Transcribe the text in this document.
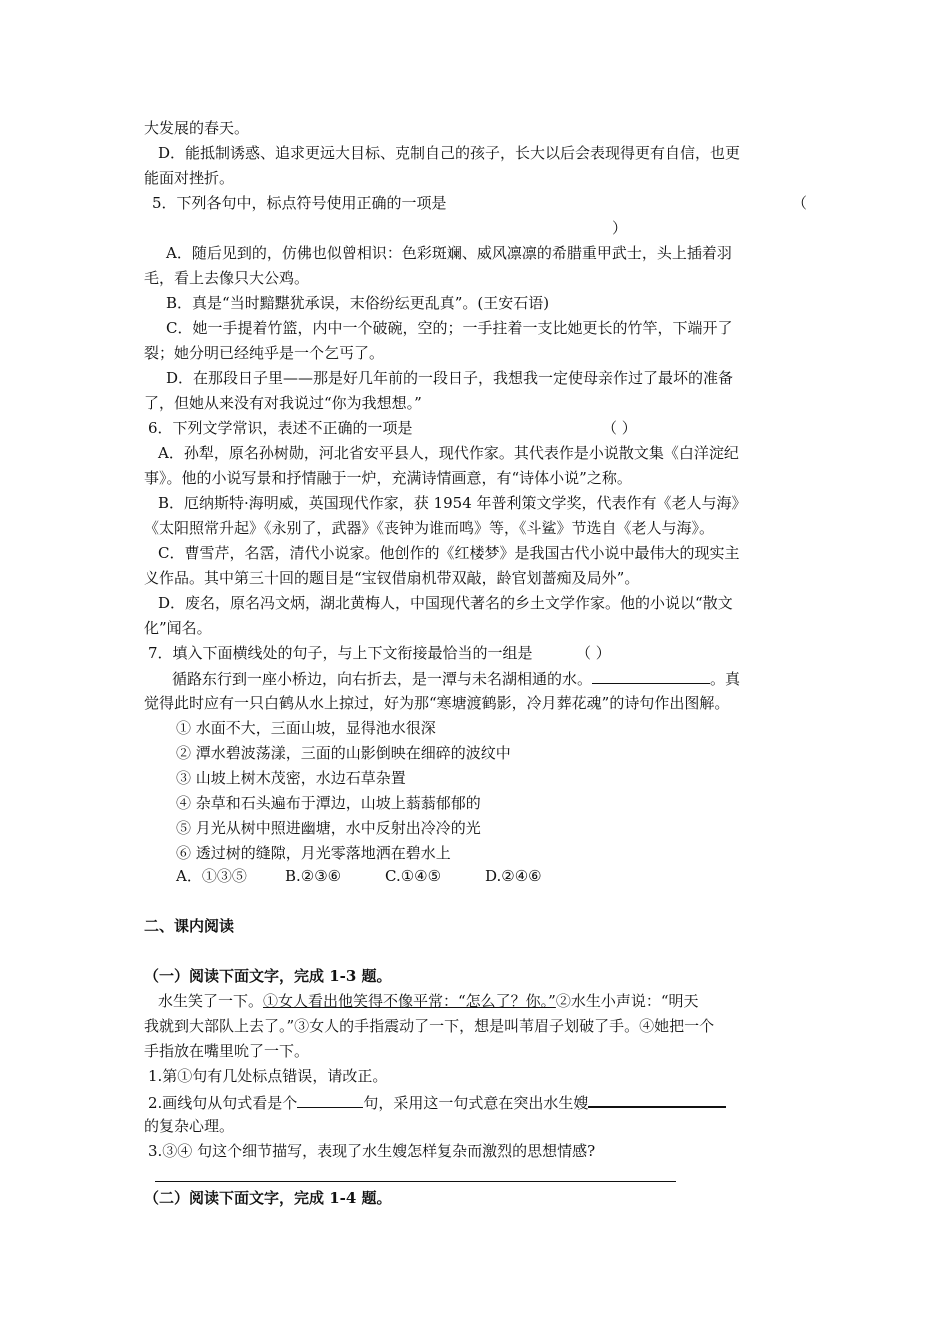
大发展的春天。
D．能抵制诱惑、追求更远大目标、克制自己的孩子，长大以后会表现得更有自信，也更
能面对挫折。
5．下列各句中，标点符号使用正确的一项是	（
）
A．随后见到的，仿佛也似曾相识：色彩斑斓、威风凛凛的希腊重甲武士，头上插着羽
毛，看上去像只大公鸡。
B．真是“当时黯黮犹承误，末俗纷纭更乱真”。(王安石语)
C．她一手提着竹篮，内中一个破碗，空的；一手拄着一支比她更长的竹竿，下端开了
裂；她分明已经纯乎是一个乞丐了。
D．在那段日子里——那是好几年前的一段日子，我想我一定使母亲作过了最坏的准备
了，但她从来没有对我说过“你为我想想。”
6．下列文学常识，表述不正确的一项是	（ ）
A．孙犁，原名孙树勋，河北省安平县人，现代作家。其代表作是小说散文集《白洋淀纪
事》。他的小说写景和抒情融于一炉，充满诗情画意，有“诗体小说”之称。
B．厄纳斯特·海明威，英国现代作家，获 1954 年普利策文学奖，代表作有《老人与海》
《太阳照常升起》《永别了，武器》《丧钟为谁而鸣》等，《斗鲨》节选自《老人与海》。
C．曹雪芹，名霑，清代小说家。他创作的《红楼梦》是我国古代小说中最伟大的现实主
义作品。其中第三十回的题目是“宝钗借扇机带双敲，龄官划蔷痴及局外”。
D．废名，原名冯文炳，湖北黄梅人，中国现代著名的乡土文学作家。他的小说以“散文
化”闻名。
7．填入下面横线处的句子，与上下文衔接最恰当的一组是	（ ）
循路东行到一座小桥边，向右折去，是一潭与未名湖相通的水。	。真
觉得此时应有一只白鹤从水上掠过，好为那“寒塘渡鹤影，冷月葬花魂”的诗句作出图解。
① 水面不大，三面山坡，显得池水很深
② 潭水碧波荡漾，三面的山影倒映在细碎的波纹中
③ 山坡上树木茂密，水边石草杂置
④ 杂草和石头遍布于潭边，山坡上蓊蓊郁郁的
⑤ 月光从树中照进幽塘，水中反射出冷冷的光
⑥ 透过树的缝隙，月光零落地洒在碧水上
A．①③⑤	B.②③⑥	C.①④⑤	D.②④⑥
二、课内阅读
（一）阅读下面文字，完成 1-3 题。
水生笑了一下。①女人看出他笑得不像平常：“怎么了？你。”②水生小声说：“明天
我就到大部队上去了。”③女人的手指震动了一下，想是叫苇眉子划破了手。④她把一个
手指放在嘴里吮了一下。
1.第①句有几处标点错误，请改正。
2.画线句从句式看是个	句，采用这一句式意在突出水生嫂
的复杂心理。
3.③④ 句这个细节描写，表现了水生嫂怎样复杂而激烈的思想情感?
（二）阅读下面文字，完成 1-4 题。
